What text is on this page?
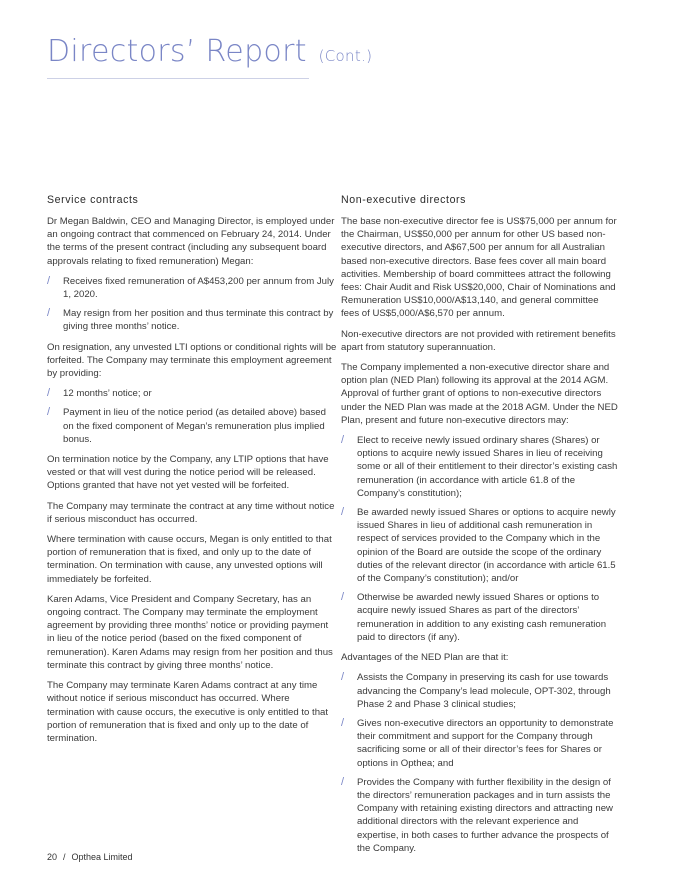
Directors’ Report (Cont.)
Service contracts

Dr Megan Baldwin, CEO and Managing Director, is employed under an ongoing contract that commenced on February 24, 2014. Under the terms of the present contract (including any subsequent board approvals relating to fixed remuneration) Megan:

/ Receives fixed remuneration of A$453,200 per annum from July 1, 2020.
/ May resign from her position and thus terminate this contract by giving three months’ notice.

On resignation, any unvested LTI options or conditional rights will be forfeited. The Company may terminate this employment agreement by providing:

/ 12 months’ notice; or
/ Payment in lieu of the notice period (as detailed above) based on the fixed component of Megan’s remuneration plus implied bonus.

On termination notice by the Company, any LTIP options that have vested or that will vest during the notice period will be released. Options granted that have not yet vested will be forfeited.

The Company may terminate the contract at any time without notice if serious misconduct has occurred.

Where termination with cause occurs, Megan is only entitled to that portion of remuneration that is fixed, and only up to the date of termination. On termination with cause, any unvested options will immediately be forfeited.

Karen Adams, Vice President and Company Secretary, has an ongoing contract. The Company may terminate the employment agreement by providing three months’ notice or providing payment in lieu of the notice period (based on the fixed component of remuneration). Karen Adams may resign from her position and thus terminate this contract by giving three months’ notice.

The Company may terminate Karen Adams contract at any time without notice if serious misconduct has occurred. Where termination with cause occurs, the executive is only entitled to that portion of remuneration that is fixed and only up to the date of termination.

Non-executive directors

The base non-executive director fee is US$75,000 per annum for the Chairman, US$50,000 per annum for other US based non-executive directors, and A$67,500 per annum for all Australian based non-executive directors. Base fees cover all main board activities. Membership of board committees attract the following fees: Chair Audit and Risk US$20,000, Chair of Nominations and Remuneration US$10,000/A$13,140, and general committee fees of US$5,000/A$6,570 per annum.

Non-executive directors are not provided with retirement benefits apart from statutory superannuation.

The Company implemented a non-executive director share and option plan (NED Plan) following its approval at the 2014 AGM. Approval of further grant of options to non-executive directors under the NED Plan was made at the 2018 AGM. Under the NED Plan, present and future non-executive directors may:

/ Elect to receive newly issued ordinary shares (Shares) or options to acquire newly issued Shares in lieu of receiving some or all of their entitlement to their director’s existing cash remuneration (in accordance with article 61.8 of the Company’s constitution);
/ Be awarded newly issued Shares or options to acquire newly issued Shares in lieu of additional cash remuneration in respect of services provided to the Company which in the opinion of the Board are outside the scope of the ordinary duties of the relevant director (in accordance with article 61.5 of the Company’s constitution); and/or
/ Otherwise be awarded newly issued Shares or options to acquire newly issued Shares as part of the directors’ remuneration in addition to any existing cash remuneration paid to directors (if any).

Advantages of the NED Plan are that it:

/ Assists the Company in preserving its cash for use towards advancing the Company’s lead molecule, OPT-302, through Phase 2 and Phase 3 clinical studies;
/ Gives non-executive directors an opportunity to demonstrate their commitment and support for the Company through sacrificing some or all of their director’s fees for Shares or options in Opthea; and
/ Provides the Company with further flexibility in the design of the directors’ remuneration packages and in turn assists the Company with retaining existing directors and attracting new additional directors with the relevant experience and expertise, in both cases to further advance the prospects of the Company.
20 / Opthea Limited
